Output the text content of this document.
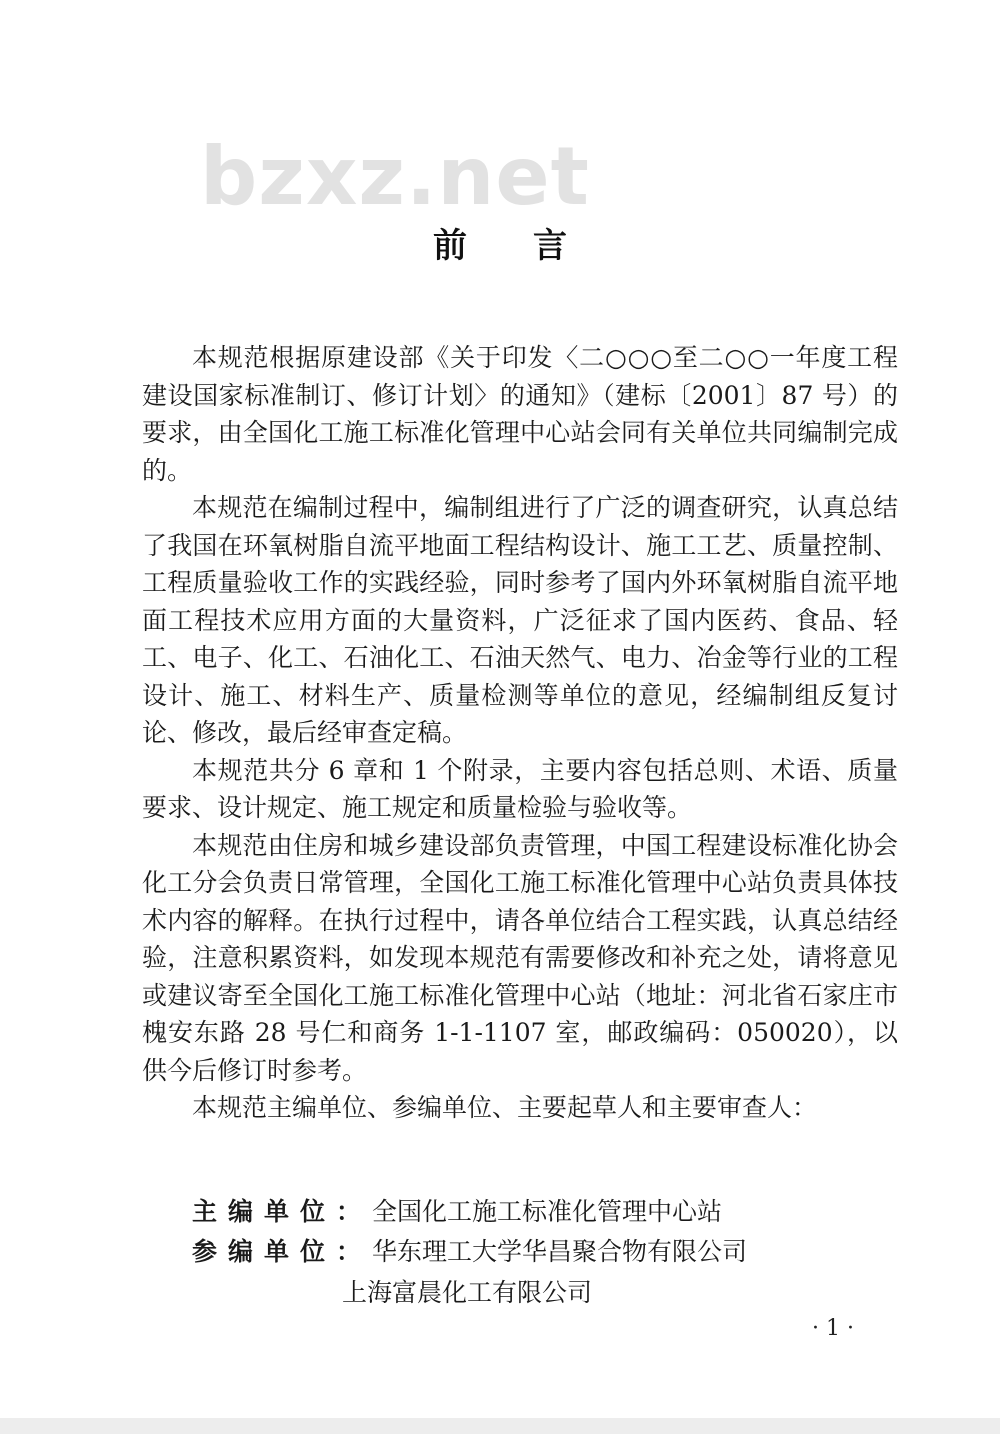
bzxz.net
前言

本规范根据原建设部《关于印发〈二○○○至二○○一年度工程建设国家标准制订、修订计划〉的通知》（建标〔2001〕87 号）的要求，由全国化工施工标准化管理中心站会同有关单位共同编制完成的。

本规范在编制过程中，编制组进行了广泛的调查研究，认真总结了我国在环氧树脂自流平地面工程结构设计、施工工艺、质量控制、工程质量验收工作的实践经验，同时参考了国内外环氧树脂自流平地面工程技术应用方面的大量资料，广泛征求了国内医药、食品、轻工、电子、化工、石油化工、石油天然气、电力、冶金等行业的工程设计、施工、材料生产、质量检测等单位的意见，经编制组反复讨论、修改，最后经审查定稿。

本规范共分 6 章和 1 个附录，主要内容包括总则、术语、质量要求、设计规定、施工规定和质量检验与验收等。

本规范由住房和城乡建设部负责管理，中国工程建设标准化协会化工分会负责日常管理，全国化工施工标准化管理中心站负责具体技术内容的解释。在执行过程中，请各单位结合工程实践，认真总结经验，注意积累资料，如发现本规范有需要修改和补充之处，请将意见或建议寄至全国化工施工标准化管理中心站（地址：河北省石家庄市槐安东路 28 号仁和商务 1-1-1107 室，邮政编码：050020），以供今后修订时参考。

本规范主编单位、参编单位、主要起草人和主要审查人：

主编单位：全国化工施工标准化管理中心站
参编单位：华东理工大学华昌聚合物有限公司
上海富晨化工有限公司
· 1 ·
